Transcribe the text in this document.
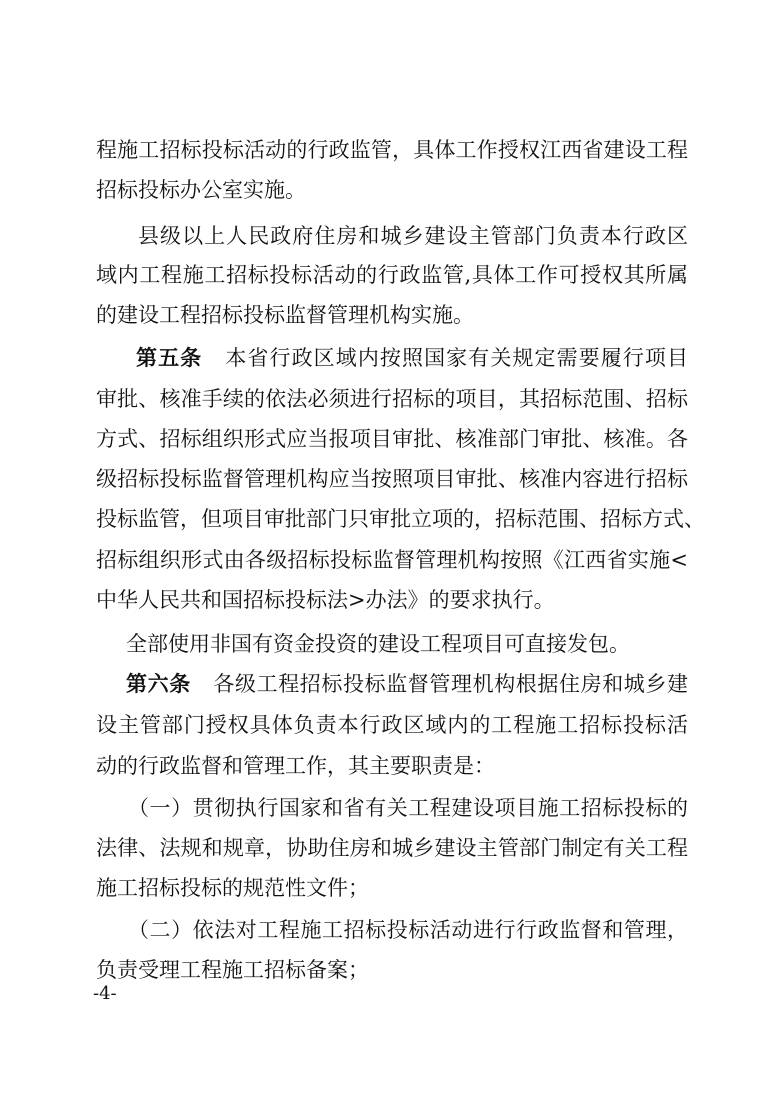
程施工招标投标活动的行政监管，具体工作授权江西省建设工程
招标投标办公室实施。
县级以上人民政府住房和城乡建设主管部门负责本行政区
域内工程施工招标投标活动的行政监管,具体工作可授权其所属
的建设工程招标投标监督管理机构实施。
第五条 本省行政区域内按照国家有关规定需要履行项目
审批、核准手续的依法必须进行招标的项目，其招标范围、招标
方式、招标组织形式应当报项目审批、核准部门审批、核准。各
级招标投标监督管理机构应当按照项目审批、核准内容进行招标
投标监管，但项目审批部门只审批立项的，招标范围、招标方式、
招标组织形式由各级招标投标监督管理机构按照《江西省实施<
中华人民共和国招标投标法>办法》的要求执行。
全部使用非国有资金投资的建设工程项目可直接发包。
第六条 各级工程招标投标监督管理机构根据住房和城乡建
设主管部门授权具体负责本行政区域内的工程施工招标投标活
动的行政监督和管理工作，其主要职责是：
（一）贯彻执行国家和省有关工程建设项目施工招标投标的
法律、法规和规章，协助住房和城乡建设主管部门制定有关工程
施工招标投标的规范性文件；
（二）依法对工程施工招标投标活动进行行政监督和管理，
负责受理工程施工招标备案；
-4-
